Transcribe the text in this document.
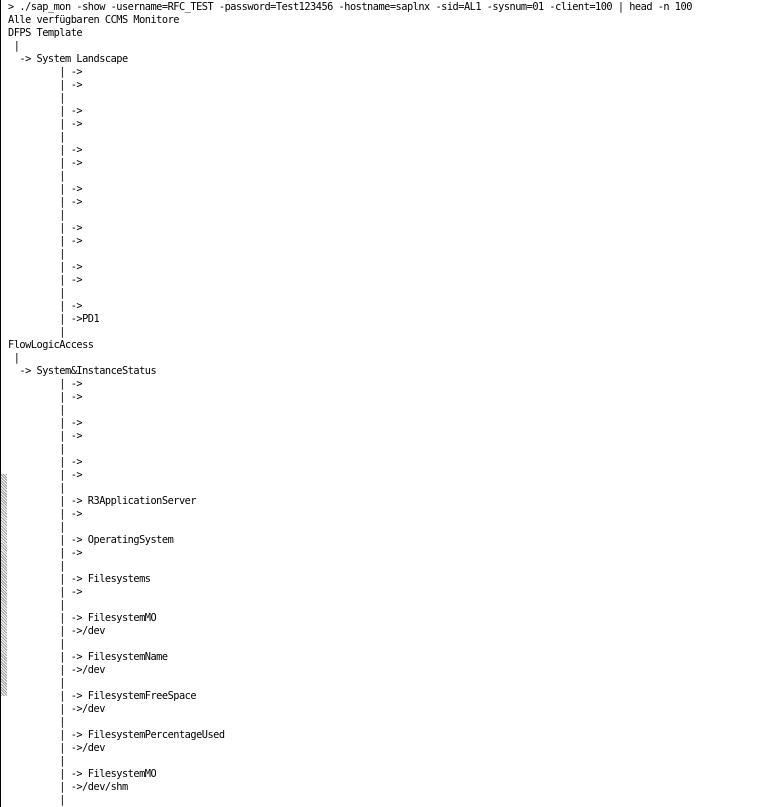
> ./sap_mon -show -username=RFC_TEST -password=Test123456 -hostname=saplnx -sid=AL1 -sysnum=01 -client=100 | head -n 100
Alle verfügbaren CCMS Monitore
DFPS Template
|
-> System Landscape
| ->
| ->
|
| ->
| ->
|
| ->
| ->
|
| ->
| ->
|
| ->
| ->
|
| ->
| ->
|
| ->
| ->PD1
|
FlowLogicAccess
|
-> System&InstanceStatus
| ->
| ->
|
| ->
| ->
|
| ->
| ->
|
| -> R3ApplicationServer
| ->
|
| -> OperatingSystem
| ->
|
| -> Filesystems
| ->
|
| -> FilesystemMO
| ->/dev
|
| -> FilesystemName
| ->/dev
|
| -> FilesystemFreeSpace
| ->/dev
|
| -> FilesystemPercentageUsed
| ->/dev
|
| -> FilesystemMO
| ->/dev/shm
|
